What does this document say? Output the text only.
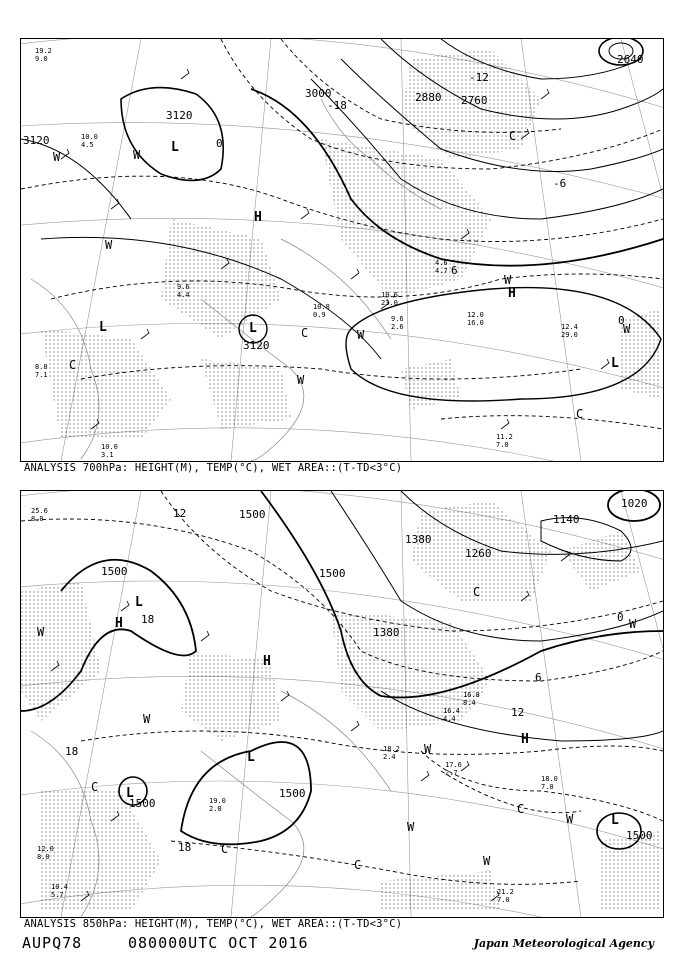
3120
3120
3120
3000	2880 2760
2640
-12
-18
-6
0
6
0
H
H
L
L	L
L
W
W
W
W
W
W
W
C
C
C
C
19.2
9.0
8.8
7.1
10.0
4.5
11.2
7.0
12.0
16.0	12.4
29.0
10.6
23.0
4.6
4.7
9.6
2.6
10.8
0.9
9.6
4.4
10.0
3.1
ANALYSIS 700hPa: HEIGHT(M), TEMP(°C), WET AREA::(T-TD<3°C)
1500
1500	1500
1500
1500
1500
1380
1380
1260
1140
1020
12
18
18
18
12
6
0
H
H
H
L
L
L
L
W
W
W
W
W
W
W
C
C
C
C
C
25.6
8.0
17.6
2.7
18.0
7.0
21.2
7.0
19.0
2.0
18.2
2.4
16.4
4.4
16.8
8.4
12.0
8.0
10.4
5.7
ANALYSIS 850hPa: HEIGHT(M), TEMP(°C), WET AREA::(T-TD<3°C)
AUPQ78	080000UTC OCT 2016	Japan Meteorological Agency
